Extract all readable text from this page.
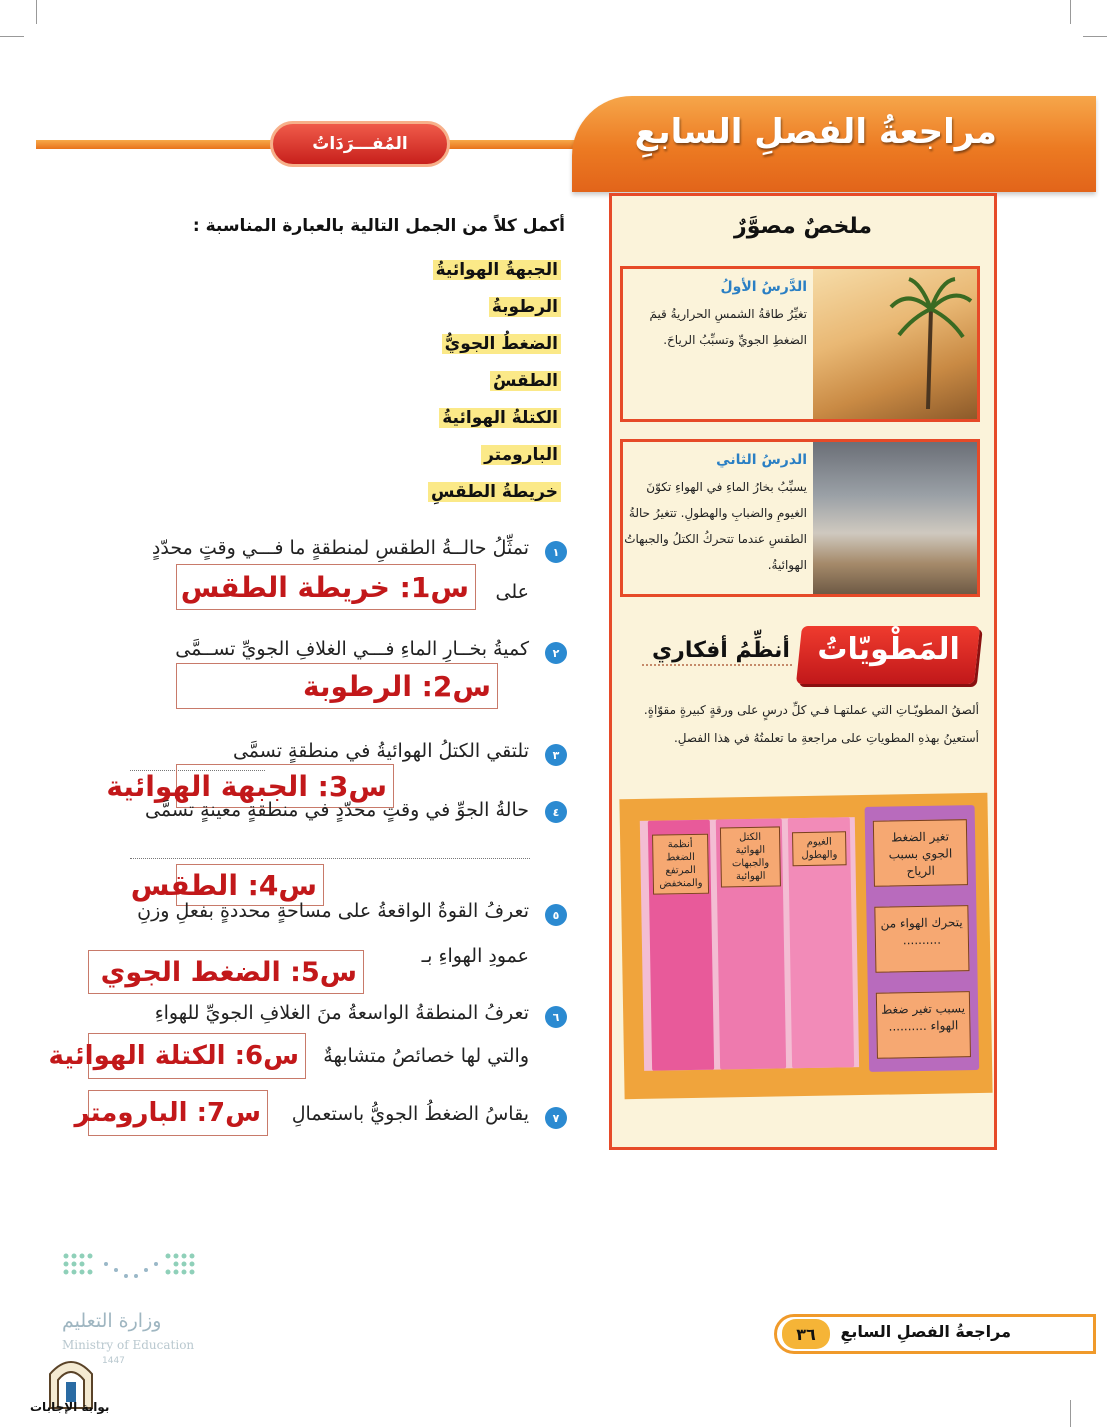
مراجعةُ الفصلِ السابعِ
المُفـــرَدَاتُ
أكمل كلاً من الجمل التالية بالعبارة المناسبة :
الجبهةُ الهوائيةُ
الرطوبةُ
الضغطُ الجويُّ
الطقسُ
الكتلةُ الهوائيةُ
البارومتر
خريطةُ الطقسِ
١
تمثِّلُ حالــةُ الطقسِ لمنطقةٍ ما فـــي وقتٍ محدّدٍ
على
س1: خريطة الطقس
٢
كميةُ بخــارِ الماءِ فـــي الغلافِ الجويِّ تســمَّى
س2: الرطوبة
٣
تلتقي الكتلُ الهوائيةُ في منطقةٍ تسمَّى
س3: الجبهة الهوائية
٤
حالةُ الجوِّ في وقتٍ محدّدٍ في منطقةٍ معينةٍ تسمَّى
س4: الطقس
٥
تعرفُ القوةُ الواقعةُ على مساحةٍ محددةٍ بفعلِ وزنِ
عمودِ الهواءِ بـ
س5: الضغط الجوي
٦
تعرفُ المنطقةُ الواسعةُ منَ الغلافِ الجويِّ للهواءِ
والتي لها خصائصُ متشابهةٌ
س6: الكتلة الهوائية
٧
يقاسُ الضغطُ الجويُّ باستعمالِ
س7: البارومتر
ملخصٌ مصوَّرٌ
الدَّرسُ الأولُ
تغيِّرُ طاقةُ الشمسِ الحراريةُ قيمَ الضغطِ الجويِّ وتسبِّبُ الرياحَ.
الدرسُ الثاني
يسبِّبُ بخارُ الماءِ في الهواءِ تكوّنَ الغيومِ والضبابِ والهطولِ. تتغيرُ حالةُ الطقسِ عندما تتحركُ الكتلُ والجبهاتُ الهوائيةُ.
المَطْويّاتُ
أنظِّمُ أفكاري
ألصقُ المطويّـاتِ التي عملتهـا فـي كلِّ درسٍ على ورقةٍ كبيرةٍ مقوّاةٍ. أستعينُ بهذهِ المطوياتِ على مراجعةِ ما تعلمتُهُ في هذا الفصلِ.
أنظمة الضغط المرتفع والمنخفض
الكتل الهوائية والجبهات الهوائية
الغيوم والهطول
تغير الضغط الجوي بسبب الرياح
يتحرك الهواء من ..........
يسبب تغير ضغط الهواء ..........
مراجعةُ الفصلِ السابعِ
٣٦
وزارة التعليم
Ministry of Education
1447
بوابة الإجابات
